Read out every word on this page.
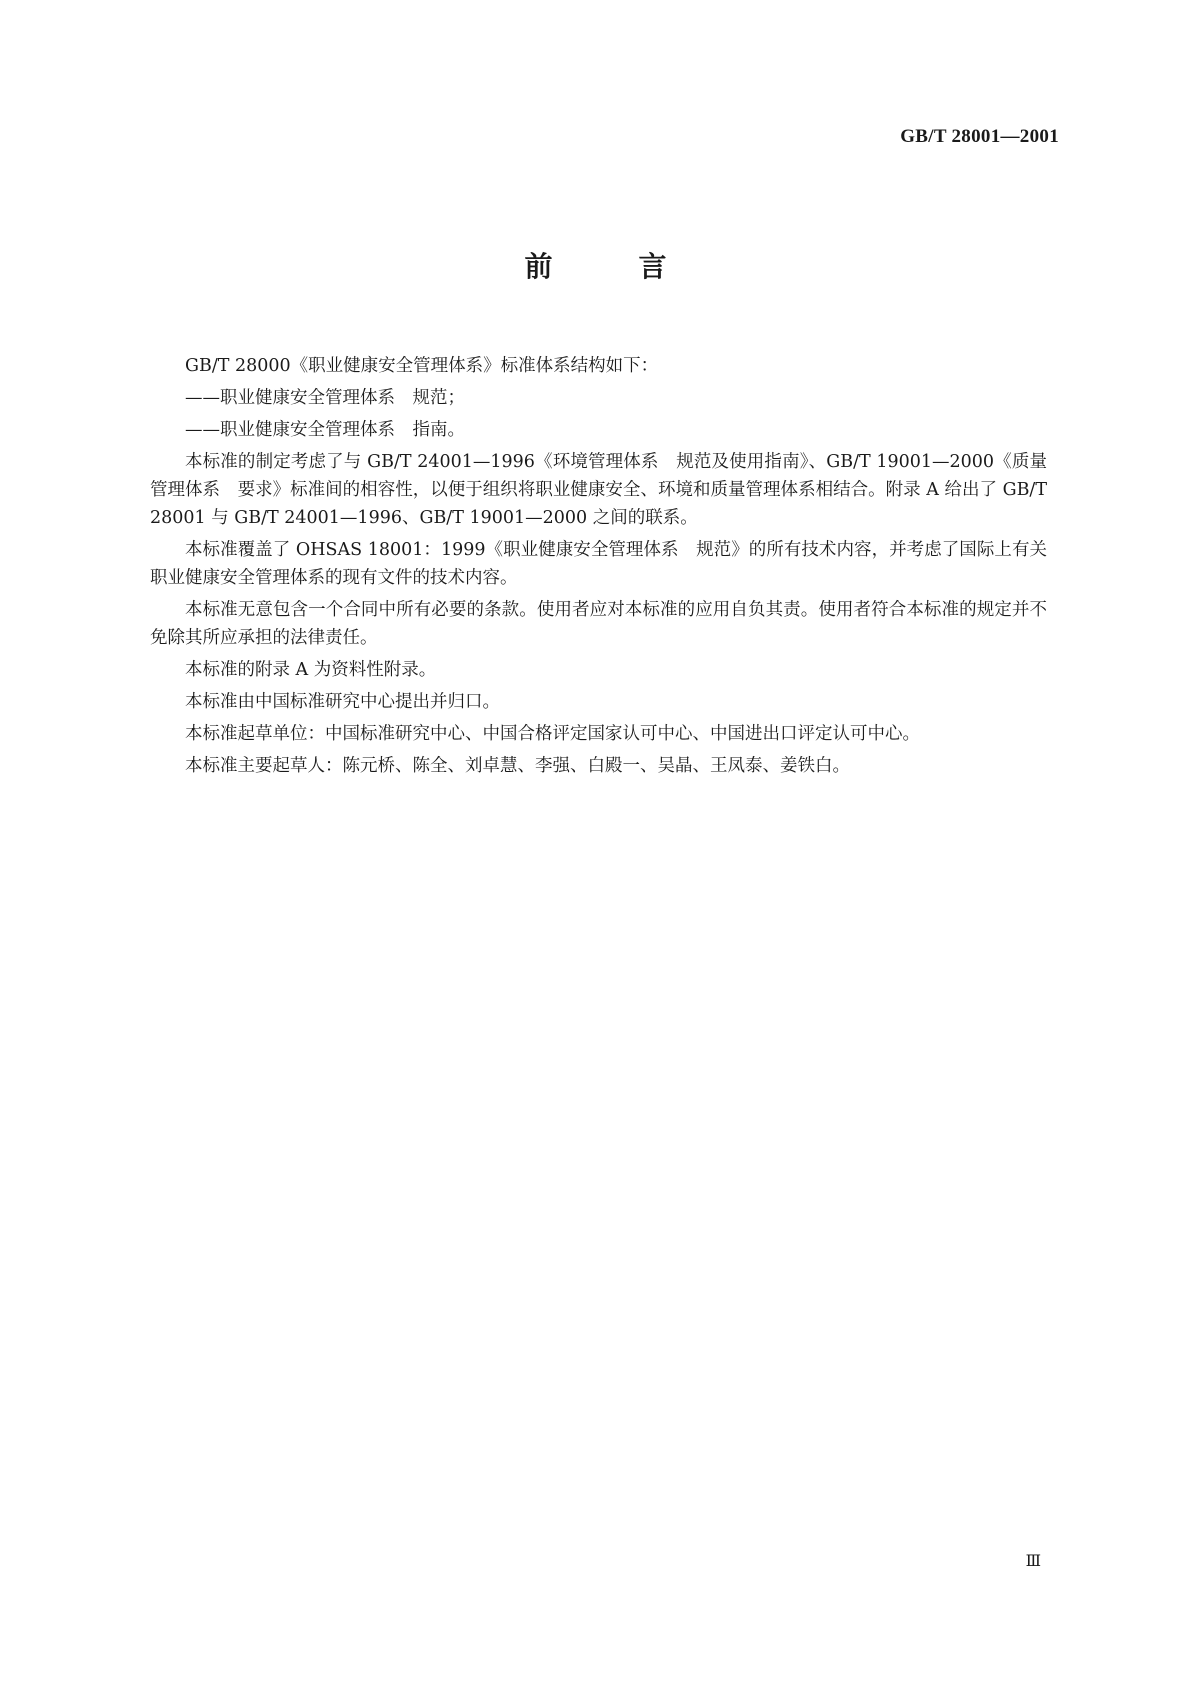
GB/T 28001—2001
前言

GB/T 28000《职业健康安全管理体系》标准体系结构如下：

——职业健康安全管理体系　规范；

——职业健康安全管理体系　指南。

本标准的制定考虑了与 GB/T 24001—1996《环境管理体系　规范及使用指南》、GB/T 19001—2000《质量管理体系　要求》标准间的相容性，以便于组织将职业健康安全、环境和质量管理体系相结合。附录 A 给出了 GB/T 28001 与 GB/T 24001—1996、GB/T 19001—2000 之间的联系。

本标准覆盖了 OHSAS 18001：1999《职业健康安全管理体系　规范》的所有技术内容，并考虑了国际上有关职业健康安全管理体系的现有文件的技术内容。

本标准无意包含一个合同中所有必要的条款。使用者应对本标准的应用自负其责。使用者符合本标准的规定并不免除其所应承担的法律责任。

本标准的附录 A 为资料性附录。

本标准由中国标准研究中心提出并归口。

本标准起草单位：中国标准研究中心、中国合格评定国家认可中心、中国进出口评定认可中心。

本标准主要起草人：陈元桥、陈全、刘卓慧、李强、白殿一、吴晶、王凤泰、姜铁白。

Ⅲ
